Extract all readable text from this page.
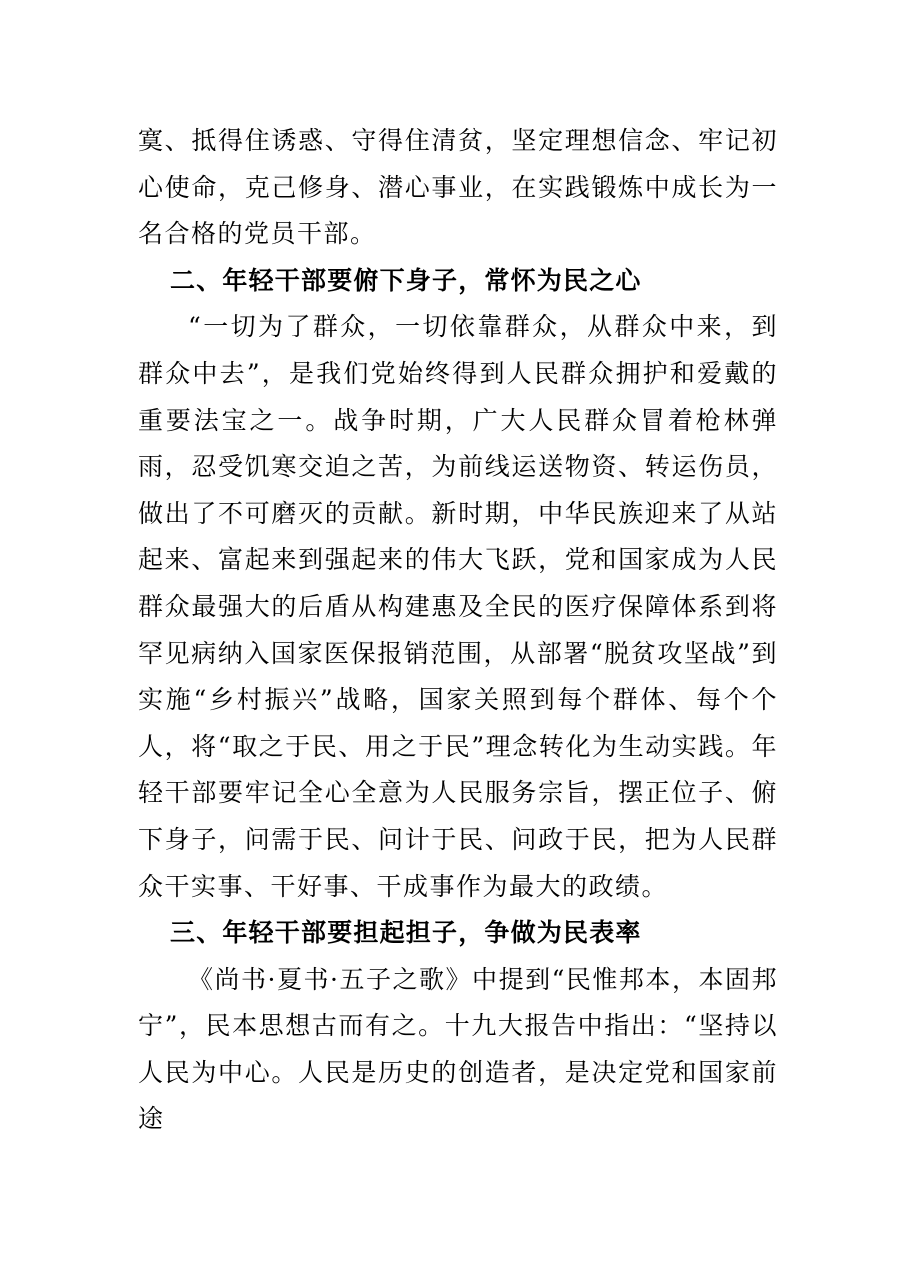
寞、抵得住诱惑、守得住清贫，坚定理想信念、牢记初心使命，克己修身、潜心事业，在实践锻炼中成长为一名合格的党员干部。

二、年轻干部要俯下身子，常怀为民之心

“一切为了群众，一切依靠群众，从群众中来，到群众中去”，是我们党始终得到人民群众拥护和爱戴的重要法宝之一。战争时期，广大人民群众冒着枪林弹雨，忍受饥寒交迫之苦，为前线运送物资、转运伤员，做出了不可磨灭的贡献。新时期，中华民族迎来了从站起来、富起来到强起来的伟大飞跃，党和国家成为人民群众最强大的后盾从构建惠及全民的医疗保障体系到将罕见病纳入国家医保报销范围，从部署“脱贫攻坚战”到实施“乡村振兴”战略，国家关照到每个群体、每个个人，将“取之于民、用之于民”理念转化为生动实践。年轻干部要牢记全心全意为人民服务宗旨，摆正位子、俯下身子，问需于民、问计于民、问政于民，把为人民群众干实事、干好事、干成事作为最大的政绩。

三、年轻干部要担起担子，争做为民表率

《尚书·夏书·五子之歌》中提到“民惟邦本，本固邦宁”，民本思想古而有之。十九大报告中指出：“坚持以人民为中心。人民是历史的创造者，是决定党和国家前途
